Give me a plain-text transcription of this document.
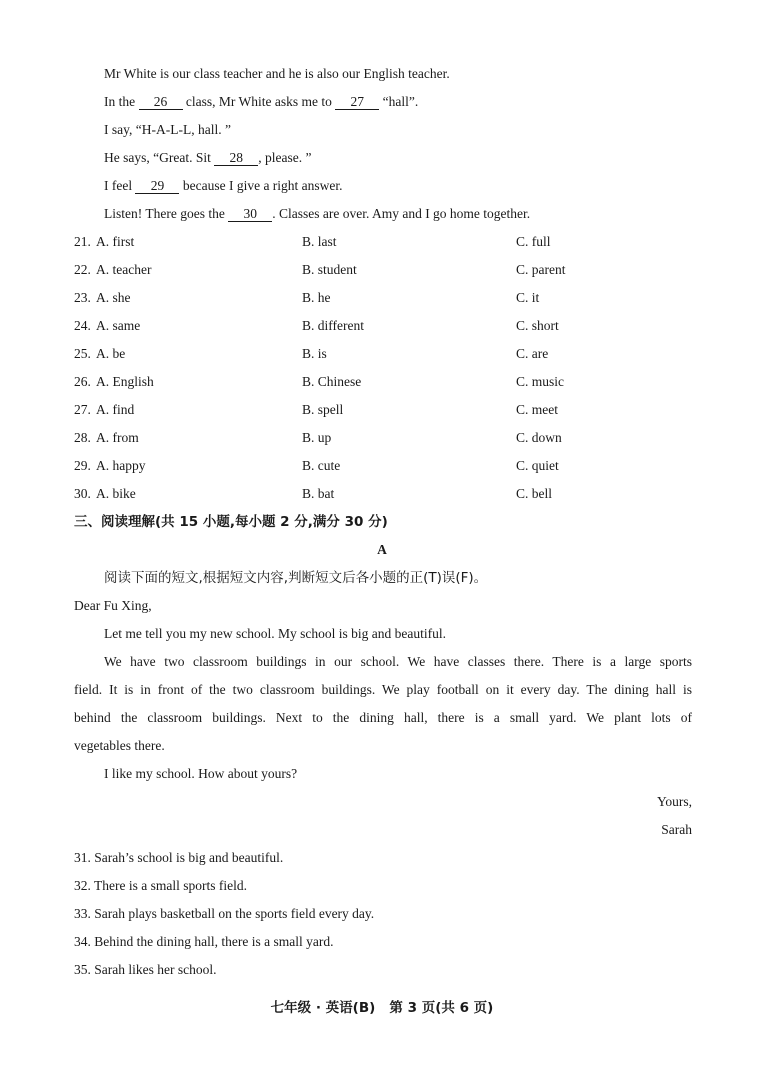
Mr White is our class teacher and he is also our English teacher.
In the 26 class, Mr White asks me to 27 “hall”.
I say, “H-A-L-L, hall. ”
He says, “Great. Sit 28 , please. ”
I feel 29 because I give a right answer.
Listen! There goes the 30 . Classes are over. Amy and I go home together.
21. A. first	B. last	C. full
22. A. teacher	B. student	C. parent
23. A. she	B. he	C. it
24. A. same	B. different	C. short
25. A. be	B. is	C. are
26. A. English	B. Chinese	C. music
27. A. find	B. spell	C. meet
28. A. from	B. up	C. down
29. A. happy	B. cute	C. quiet
30. A. bike	B. bat	C. bell
三、阅读理解(共 15 小题,每小题 2 分,满分 30 分)
A
阅读下面的短文,根据短文内容,判断短文后各小题的正(T)误(F)。
Dear Fu Xing,
Let me tell you my new school. My school is big and beautiful.
We have two classroom buildings in our school. We have classes there. There is a large sports
field. It is in front of the two classroom buildings. We play football on it every day. The dining hall is
behind the classroom buildings. Next to the dining hall, there is a small yard. We plant lots of
vegetables there.
I like my school. How about yours?
Yours,
Sarah
31. Sarah’s school is big and beautiful.
32. There is a small sports field.
33. Sarah plays basketball on the sports field every day.
34. Behind the dining hall, there is a small yard.
35. Sarah likes her school.
七年级 · 英语(B)   第 3 页(共 6 页)
